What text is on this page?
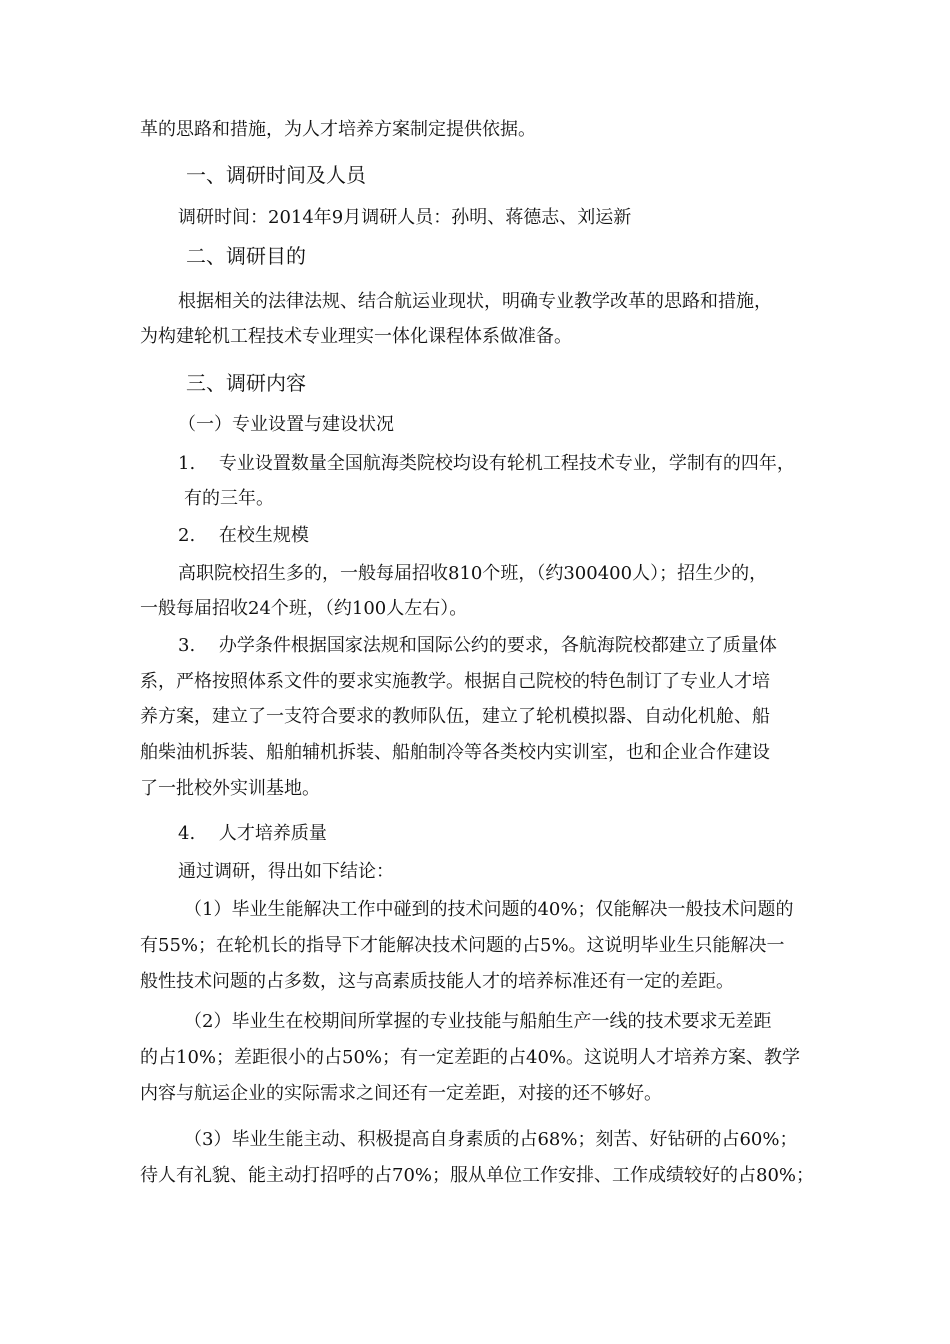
革的思路和措施，为人才培养方案制定提供依据。
一、调研时间及人员
调研时间：2014年9月调研人员：孙明、蒋德志、刘运新
二、调研目的
根据相关的法律法规、结合航运业现状，明确专业教学改革的思路和措施，
为构建轮机工程技术专业理实一体化课程体系做准备。
三、调研内容
（一）专业设置与建设状况
1.　 专业设置数量全国航海类院校均设有轮机工程技术专业，学制有的四年，
有的三年。
2.　 在校生规模
高职院校招生多的，一般每届招收810个班，（约300400人）；招生少的，
一般每届招收24个班，（约100人左右）。
3.　 办学条件根据国家法规和国际公约的要求，各航海院校都建立了质量体
系，严格按照体系文件的要求实施教学。根据自己院校的特色制订了专业人才培
养方案，建立了一支符合要求的教师队伍，建立了轮机模拟器、自动化机舱、船
舶柴油机拆装、船舶辅机拆装、船舶制冷等各类校内实训室，也和企业合作建设
了一批校外实训基地。
4.　 人才培养质量
通过调研，得出如下结论：
（1）毕业生能解决工作中碰到的技术问题的40%；仅能解决一般技术问题的
有55%；在轮机长的指导下才能解决技术问题的占5%。这说明毕业生只能解决一
般性技术问题的占多数，这与高素质技能人才的培养标准还有一定的差距。
（2）毕业生在校期间所掌握的专业技能与船舶生产一线的技术要求无差距
的占10%；差距很小的占50%；有一定差距的占40%。这说明人才培养方案、教学
内容与航运企业的实际需求之间还有一定差距，对接的还不够好。
（3）毕业生能主动、积极提高自身素质的占68%；刻苦、好钻研的占60%；
待人有礼貌、能主动打招呼的占70%；服从单位工作安排、工作成绩较好的占80%；
